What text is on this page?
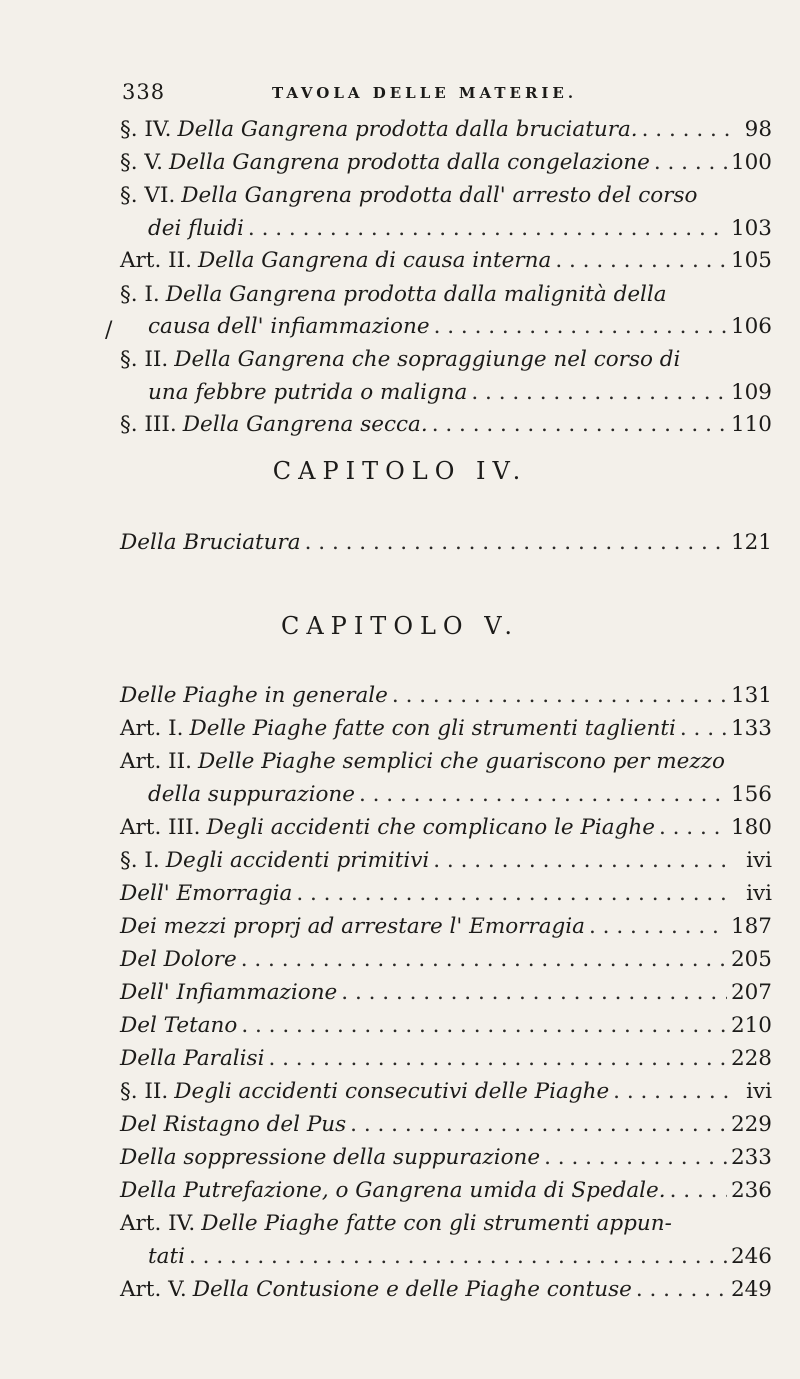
338	TAVOLA DELLE MATERIE.
/
CAPITOLO IV.
CAPITOLO V.
§. IV. Della Gangrena prodotta dalla bruciatura. . . .	98
§. V. Della Gangrena prodotta dalla congelazione . . .	100
§. VI. Della Gangrena prodotta dall' arresto del corso
dei fluidi . . .	103
Art. II. Della Gangrena di causa interna . . .	105
§. I. Della Gangrena prodotta dalla malignità della
causa dell' infiammazione . . .	106
§. II. Della Gangrena che sopraggiunge nel corso di
una febbre putrida o maligna . . .	109
§. III. Della Gangrena secca. . . .	110
Della Bruciatura . . .	121
Delle Piaghe in generale . . .	131
Art. I. Delle Piaghe fatte con gli strumenti taglienti . . .	133
Art. II. Delle Piaghe semplici che guariscono per mezzo
della suppurazione . . .	156
Art. III. Degli accidenti che complicano le Piaghe . . .	180
§. I. Degli accidenti primitivi . . .	ivi
Dell' Emorragia . . .	ivi
Dei mezzi proprj ad arrestare l' Emorragia . . .	187
Del Dolore . . .	205
Dell' Infiammazione . . .	207
Del Tetano . . .	210
Della Paralisi . . .	228
§. II. Degli accidenti consecutivi delle Piaghe . . .	ivi
Del Ristagno del Pus . . .	229
Della soppressione della suppurazione . . .	233
Della Putrefazione, o Gangrena umida di Spedale. . . .	236
Art. IV. Delle Piaghe fatte con gli strumenti appun-
tati . . .	246
Art. V. Della Contusione e delle Piaghe contuse . . .	249
